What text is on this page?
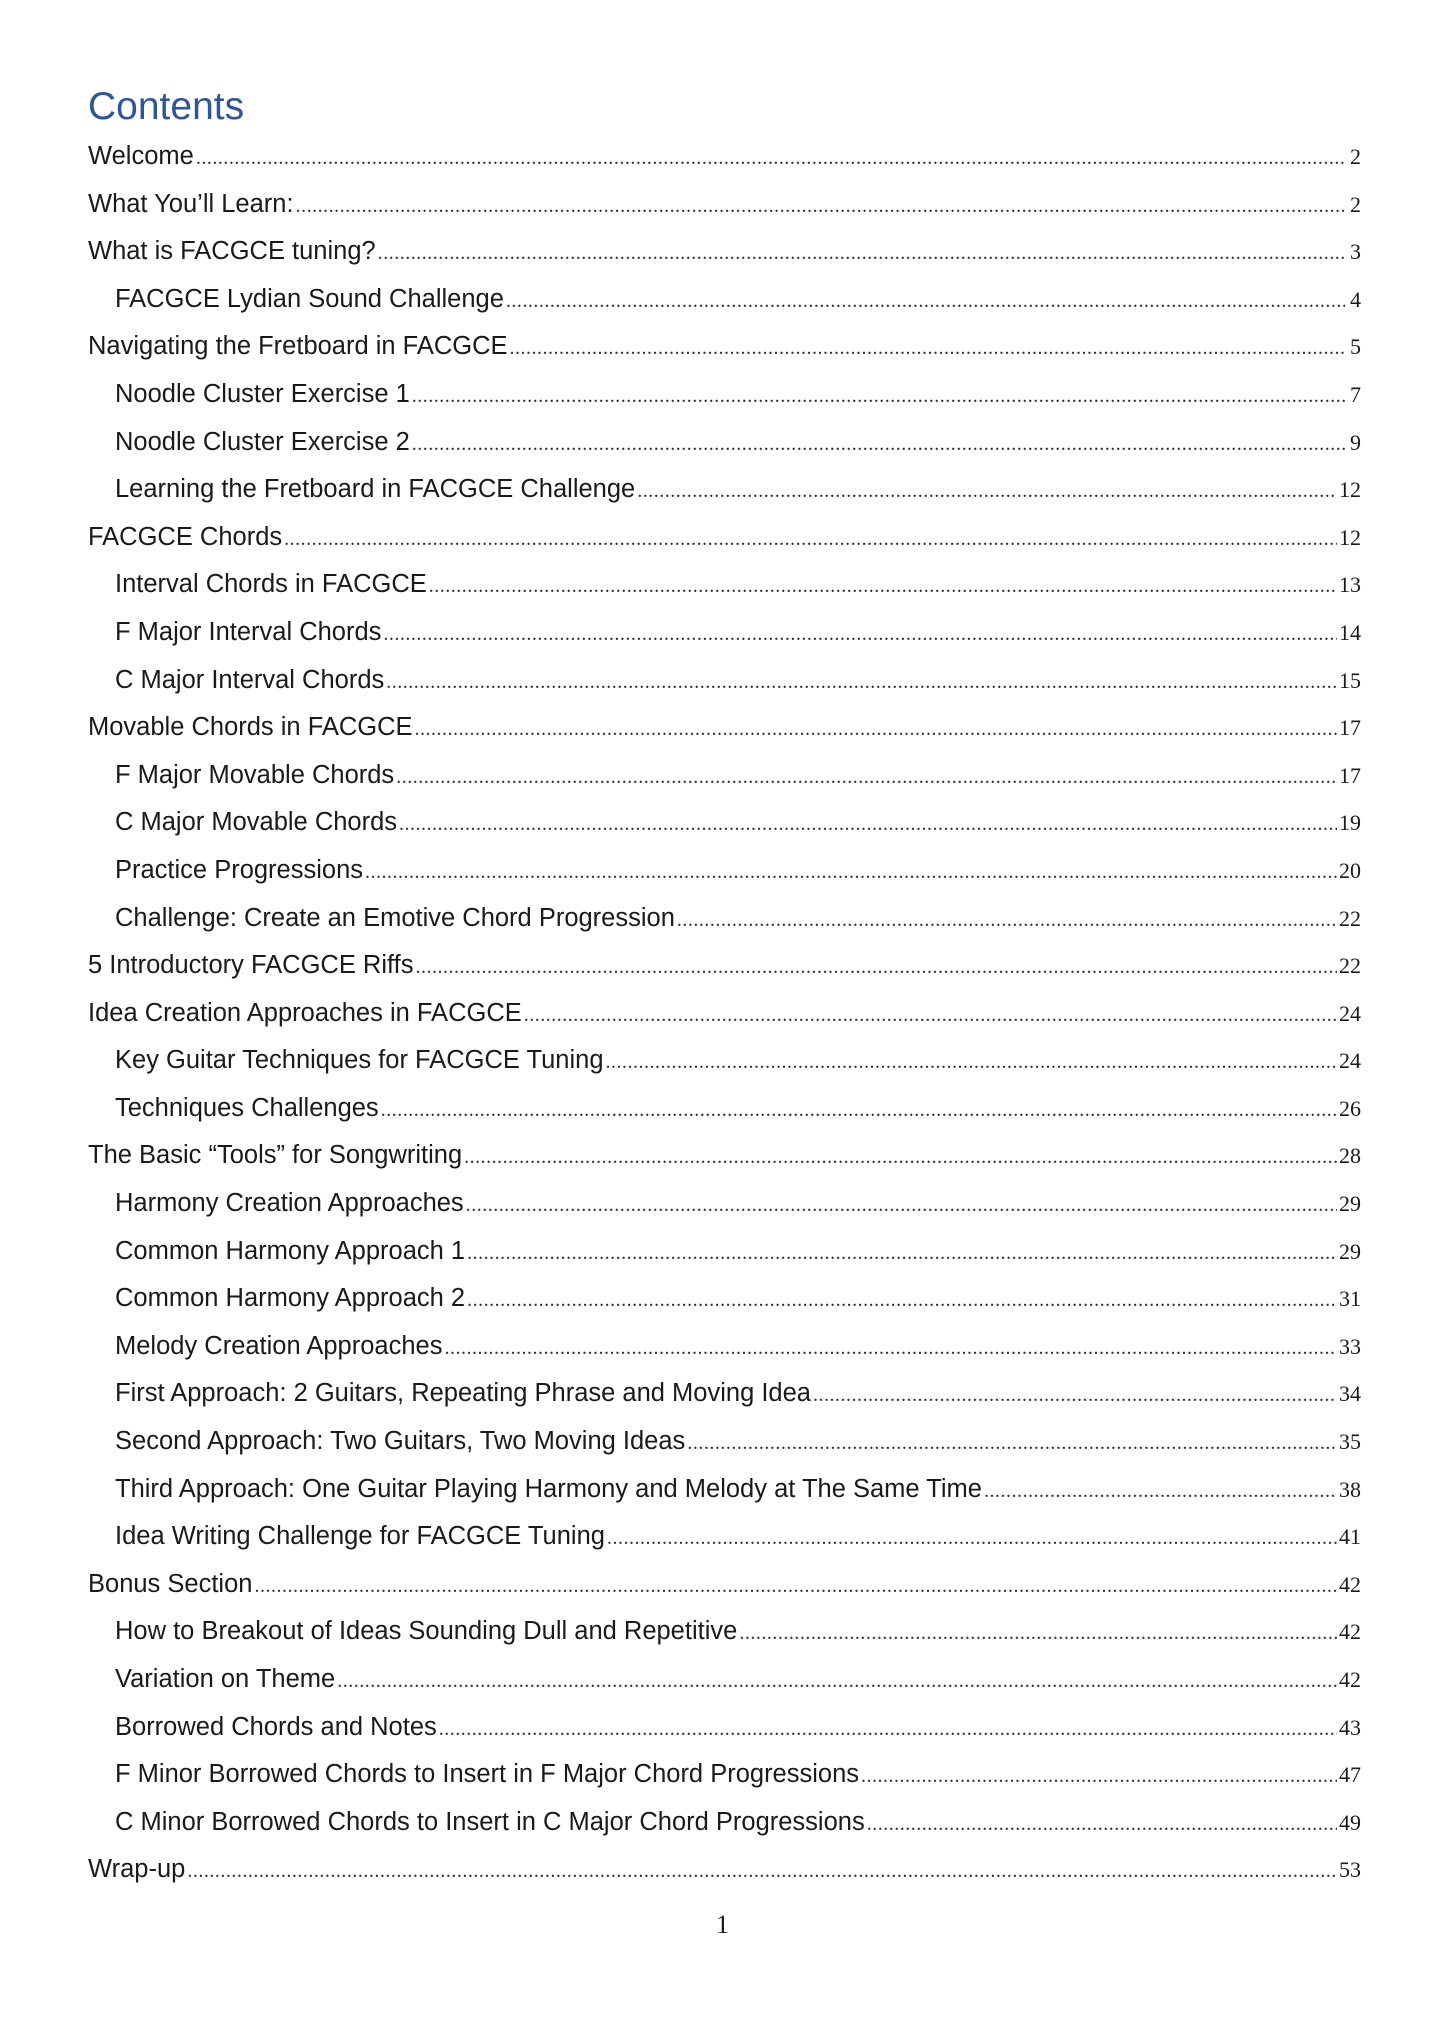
Contents
Welcome .....	2
What You’ll Learn: .....	2
What is FACGCE tuning? .....	3
FACGCE Lydian Sound Challenge .....	4
Navigating the Fretboard in FACGCE .....	5
Noodle Cluster Exercise 1 .....	7
Noodle Cluster Exercise 2 .....	9
Learning the Fretboard in FACGCE Challenge .....	12
FACGCE Chords .....	12
Interval Chords in FACGCE .....	13
F Major Interval Chords .....	14
C Major Interval Chords .....	15
Movable Chords in FACGCE .....	17
F Major Movable Chords .....	17
C Major Movable Chords .....	19
Practice Progressions .....	20
Challenge: Create an Emotive Chord Progression .....	22
5 Introductory FACGCE Riffs .....	22
Idea Creation Approaches in FACGCE .....	24
Key Guitar Techniques for FACGCE Tuning .....	24
Techniques Challenges .....	26
The Basic “Tools” for Songwriting .....	28
Harmony Creation Approaches .....	29
Common Harmony Approach 1 .....	29
Common Harmony Approach 2 .....	31
Melody Creation Approaches .....	33
First Approach: 2 Guitars, Repeating Phrase and Moving Idea .....	34
Second Approach: Two Guitars, Two Moving Ideas .....	35
Third Approach: One Guitar Playing Harmony and Melody at The Same Time .....	38
Idea Writing Challenge for FACGCE Tuning .....	41
Bonus Section .....	42
How to Breakout of Ideas Sounding Dull and Repetitive .....	42
Variation on Theme .....	42
Borrowed Chords and Notes .....	43
F Minor Borrowed Chords to Insert in F Major Chord Progressions .....	47
C Minor Borrowed Chords to Insert in C Major Chord Progressions .....	49
Wrap-up .....	53
1
